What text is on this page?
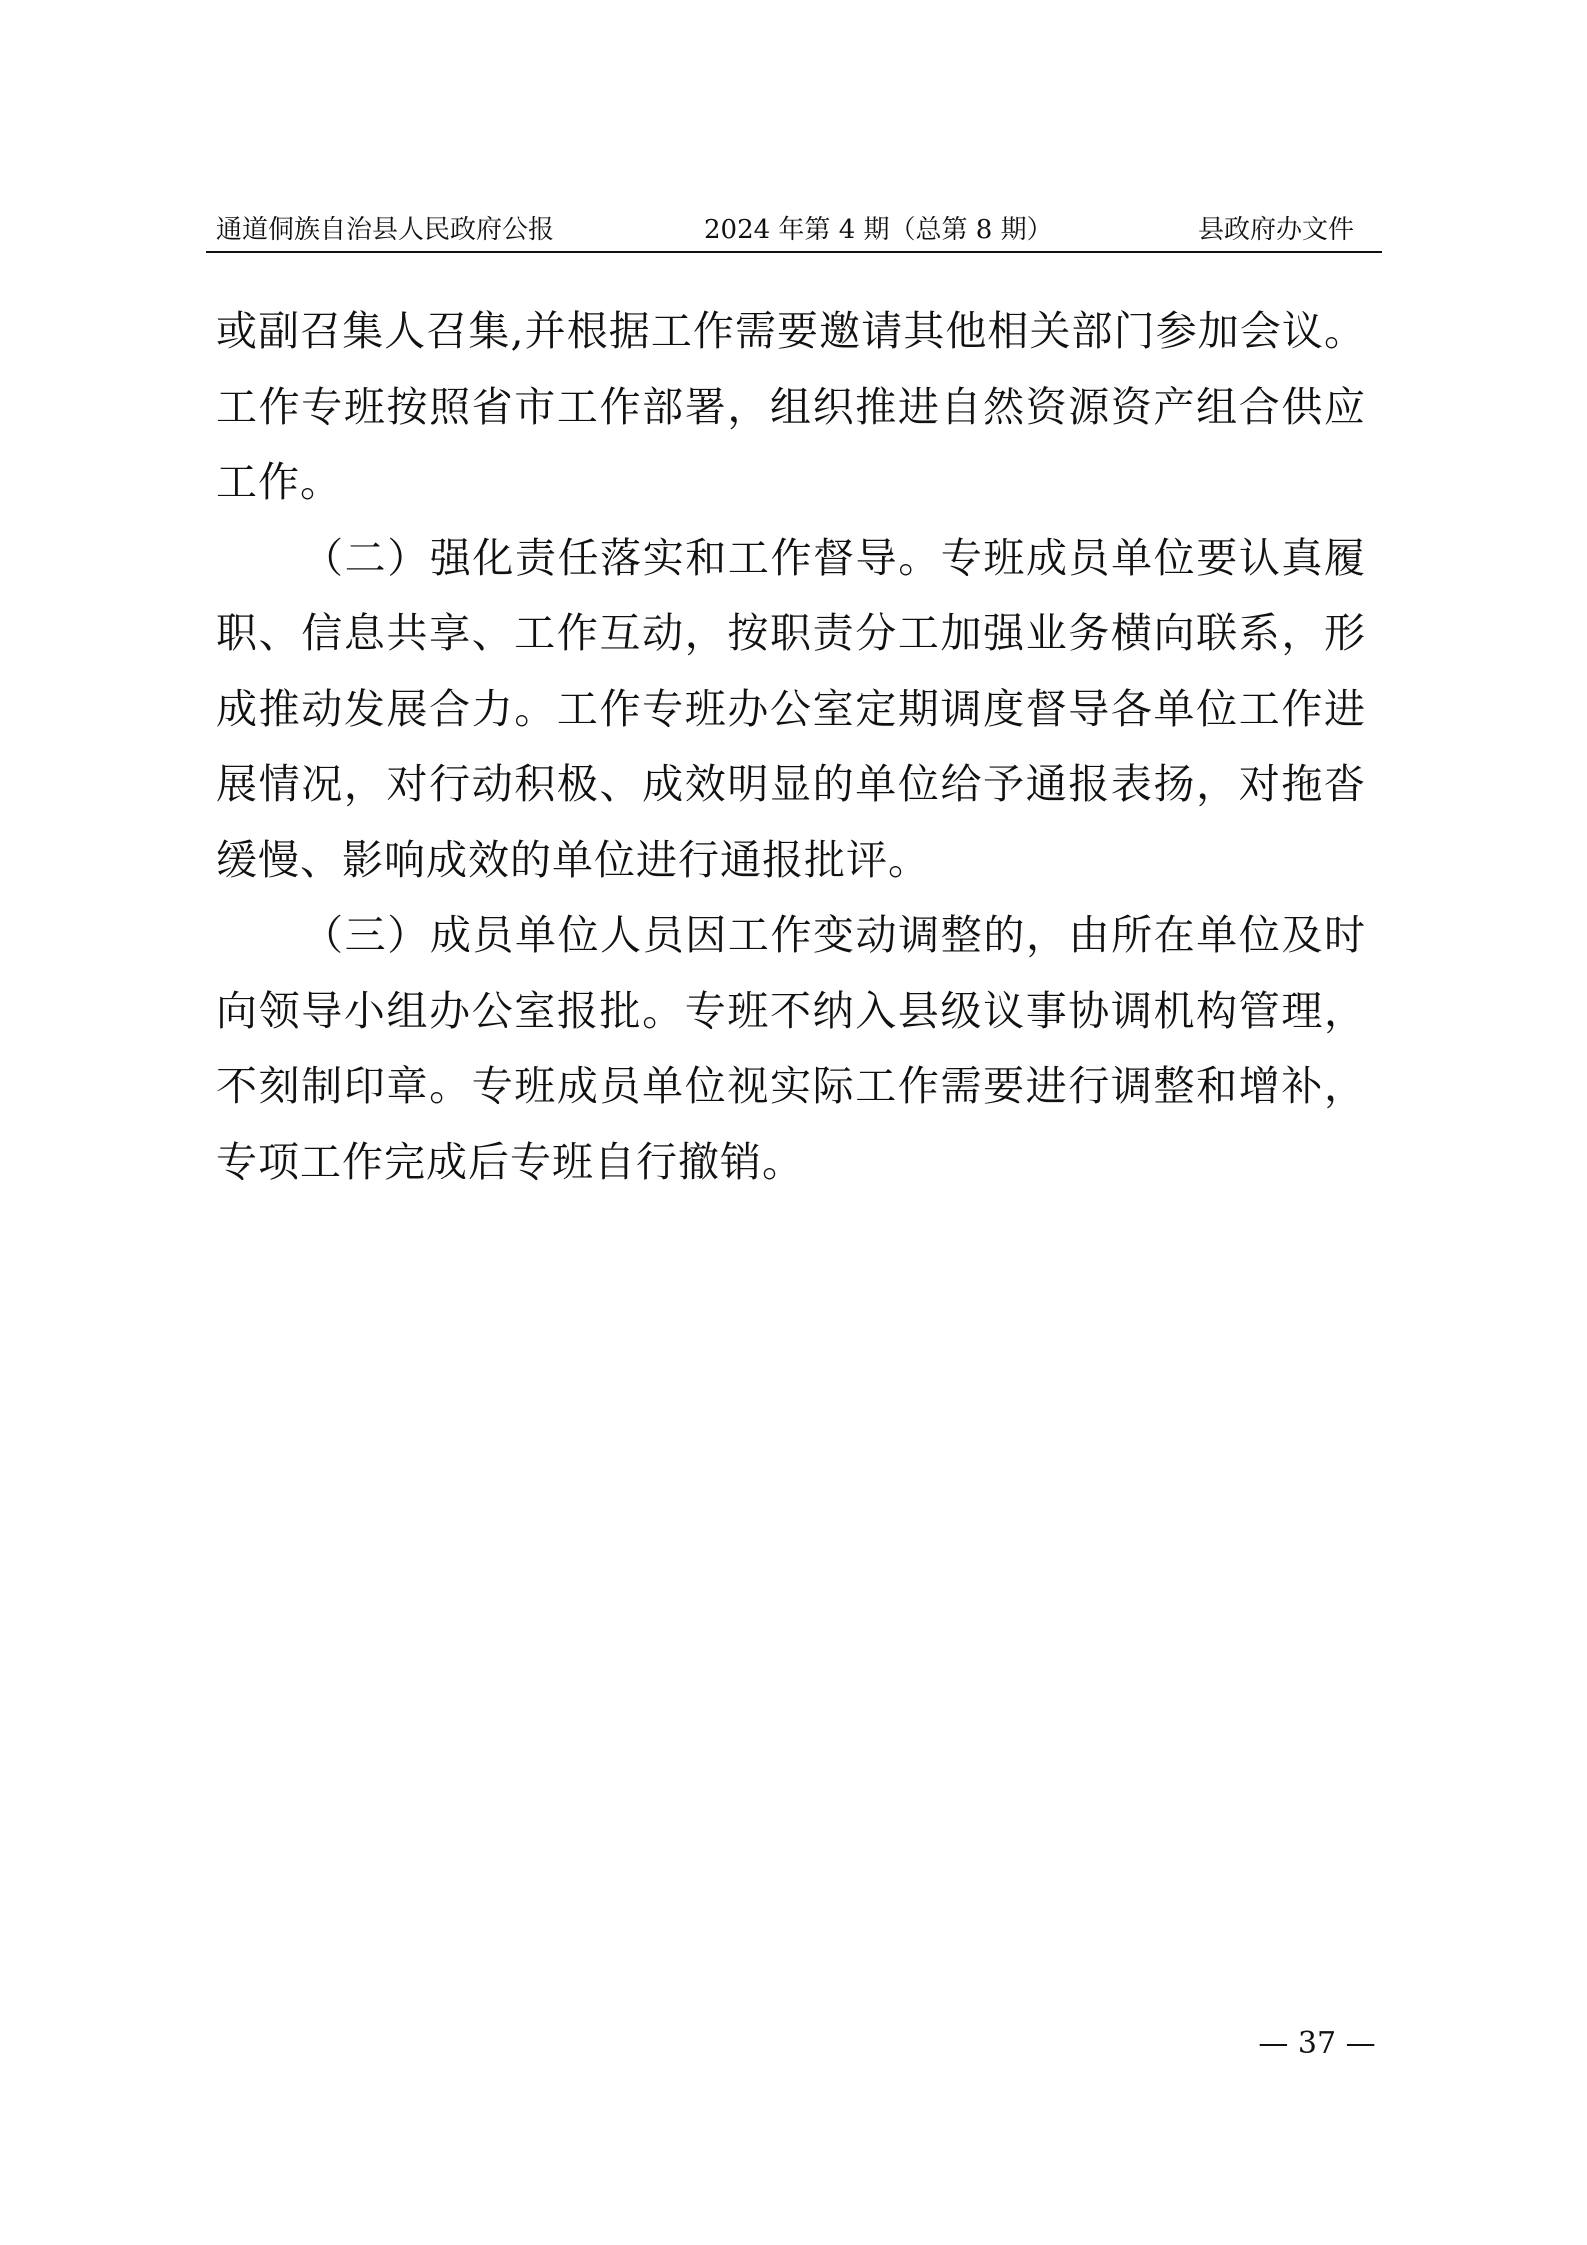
通道侗族自治县人民政府公报	2024 年第 4 期（总第 8 期）	县政府办文件

或副召集人召集,并根据工作需要邀请其他相关部门参加会议。工作专班按照省市工作部署，组织推进自然资源资产组合供应工作。

（二）强化责任落实和工作督导。专班成员单位要认真履职、信息共享、工作互动，按职责分工加强业务横向联系，形成推动发展合力。工作专班办公室定期调度督导各单位工作进展情况，对行动积极、成效明显的单位给予通报表扬，对拖沓缓慢、影响成效的单位进行通报批评。

（三）成员单位人员因工作变动调整的，由所在单位及时向领导小组办公室报批。专班不纳入县级议事协调机构管理，不刻制印章。专班成员单位视实际工作需要进行调整和增补，专项工作完成后专班自行撤销。

— 37 —
